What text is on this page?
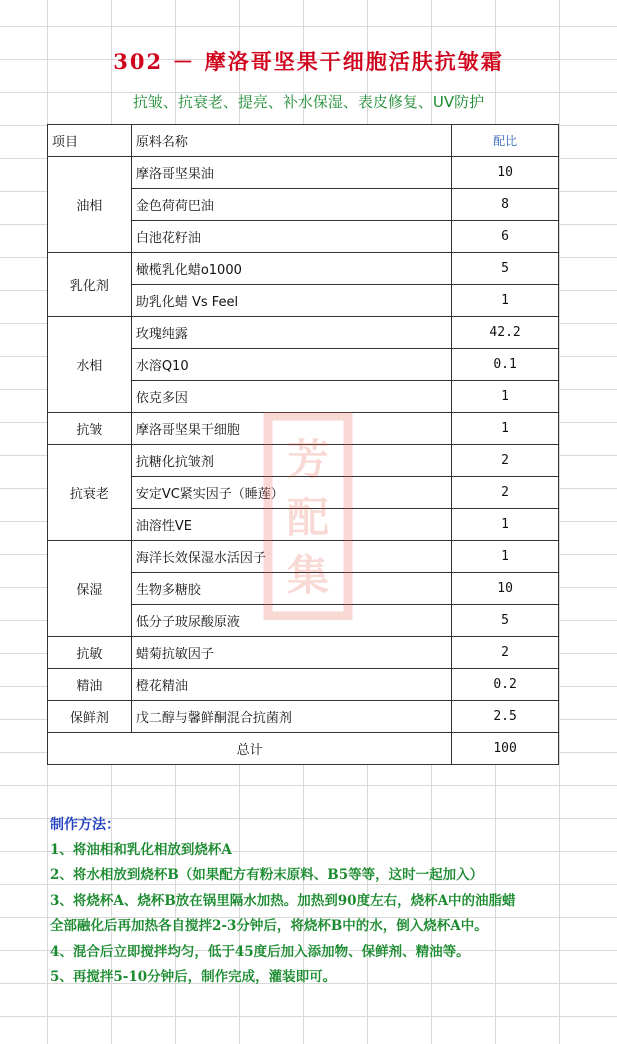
302 － 摩洛哥坚果干细胞活肤抗皱霜
抗皱、抗衰老、提亮、补水保湿、表皮修复、UV防护
项目	原料名称	配比
油相	摩洛哥坚果油	10
	金色荷荷巴油	8
	白池花籽油	6
乳化剂	橄榄乳化蜡o1000	5
	助乳化蜡 Vs Feel	1
水相	玫瑰纯露	42.2
	水溶Q10	0.1
	依克多因	1
抗皱	摩洛哥坚果干细胞	1
抗衰老	抗糖化抗皱剂	2
	安定VC紧实因子（睡莲）	2
	油溶性VE	1
保湿	海洋长效保湿水活因子	1
	生物多糖胶	10
	低分子玻尿酸原液	5
抗敏	蜡菊抗敏因子	2
精油	橙花精油	0.2
保鲜剂	戊二醇与馨鲜酮混合抗菌剂	2.5
总计		100
芳
配
集
制作方法：
1、将油相和乳化相放到烧杯A
2、将水相放到烧杯B（如果配方有粉末原料、B5等等，这时一起加入）
3、将烧杯A、烧杯B放在锅里隔水加热。加热到90度左右，烧杯A中的油脂蜡
全部融化后再加热各自搅拌2-3分钟后，将烧杯B中的水，倒入烧杯A中。
4、混合后立即搅拌均匀，低于45度后加入添加物、保鲜剂、精油等。
5、再搅拌5-10分钟后，制作完成，灌装即可。
